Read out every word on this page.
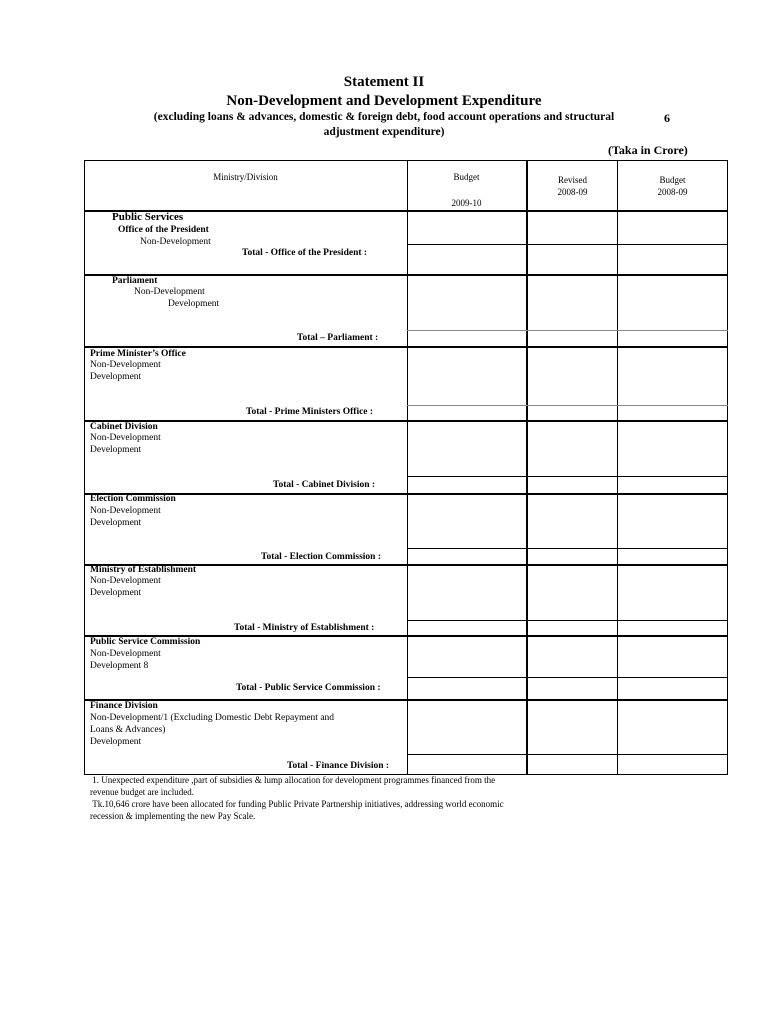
Statement II
Non-Development and Development Expenditure
(excluding loans & advances, domestic & foreign debt, food account operations and structural
adjustment expenditure)
6
(Taka in Crore)
Ministry/Division	Budget
2009-10
Revised
2008-09
Budget
2008-09
Public Services
Office of the President
Non-Development
Total - Office of the President :
Parliament
Non-Development
Development
Total – Parliament :
Prime Minister’s Office
Non-Development
Development
Total - Prime Ministers Office :
Cabinet Division
Non-Development
Development
Total - Cabinet Division :
Election Commission
Non-Development
Development
Total - Election Commission :
Ministry of Establishment
Non-Development
Development
Total - Ministry of Establishment :
Public Service Commission
Non-Development
Development 8
Total - Public Service Commission :
Finance Division
Non-Development/1 (Excluding Domestic Debt Repayment and
Loans & Advances)
Development
Total - Finance Division :
1. Unexpected expenditure ,part of subsidies & lump allocation for development programmes financed from the
revenue budget are included.
Tk.10,646 crore have been allocated for funding Public Private Partnership initiatives, addressing world economic
recession & implementing the new Pay Scale.
